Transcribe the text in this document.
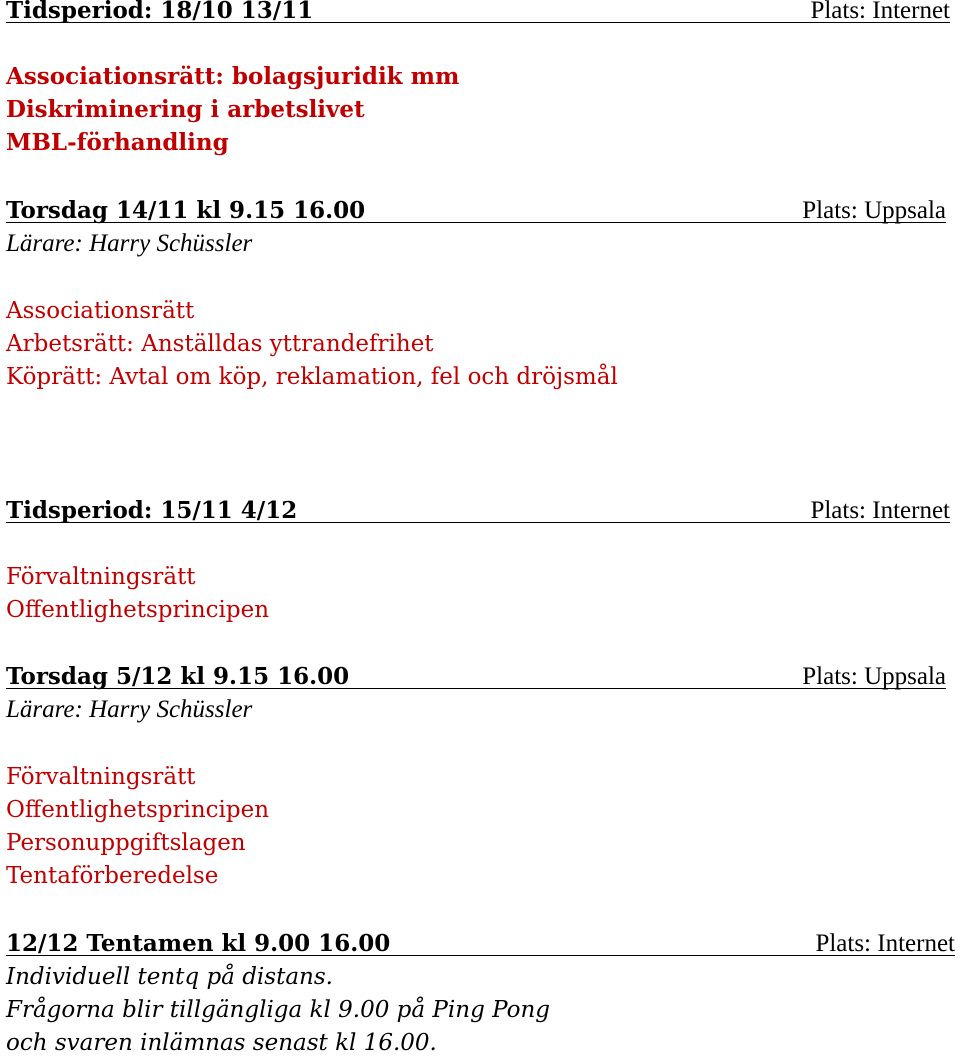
Tidsperiod: 18/10 13/11	Plats: Internet
Associationsrätt: bolagsjuridik mm
Diskriminering i arbetslivet
MBL-förhandling
Torsdag 14/11 kl 9.15 16.00	Plats: Uppsala
Lärare: Harry Schüssler
Associationsrätt
Arbetsrätt: Anställdas yttrandefrihet
Köprätt: Avtal om köp, reklamation, fel och dröjsmål
Tidsperiod: 15/11 4/12	Plats: Internet
Förvaltningsrätt
Offentlighetsprincipen
Torsdag 5/12 kl 9.15 16.00	Plats: Uppsala
Lärare: Harry Schüssler
Förvaltningsrätt
Offentlighetsprincipen
Personuppgiftslagen
Tentaförberedelse
12/12 Tentamen kl 9.00 16.00	Plats: Internet
Individuell tentq på distans.
Frågorna blir tillgängliga kl 9.00 på Ping Pong
och svaren inlämnas senast kl 16.00.
